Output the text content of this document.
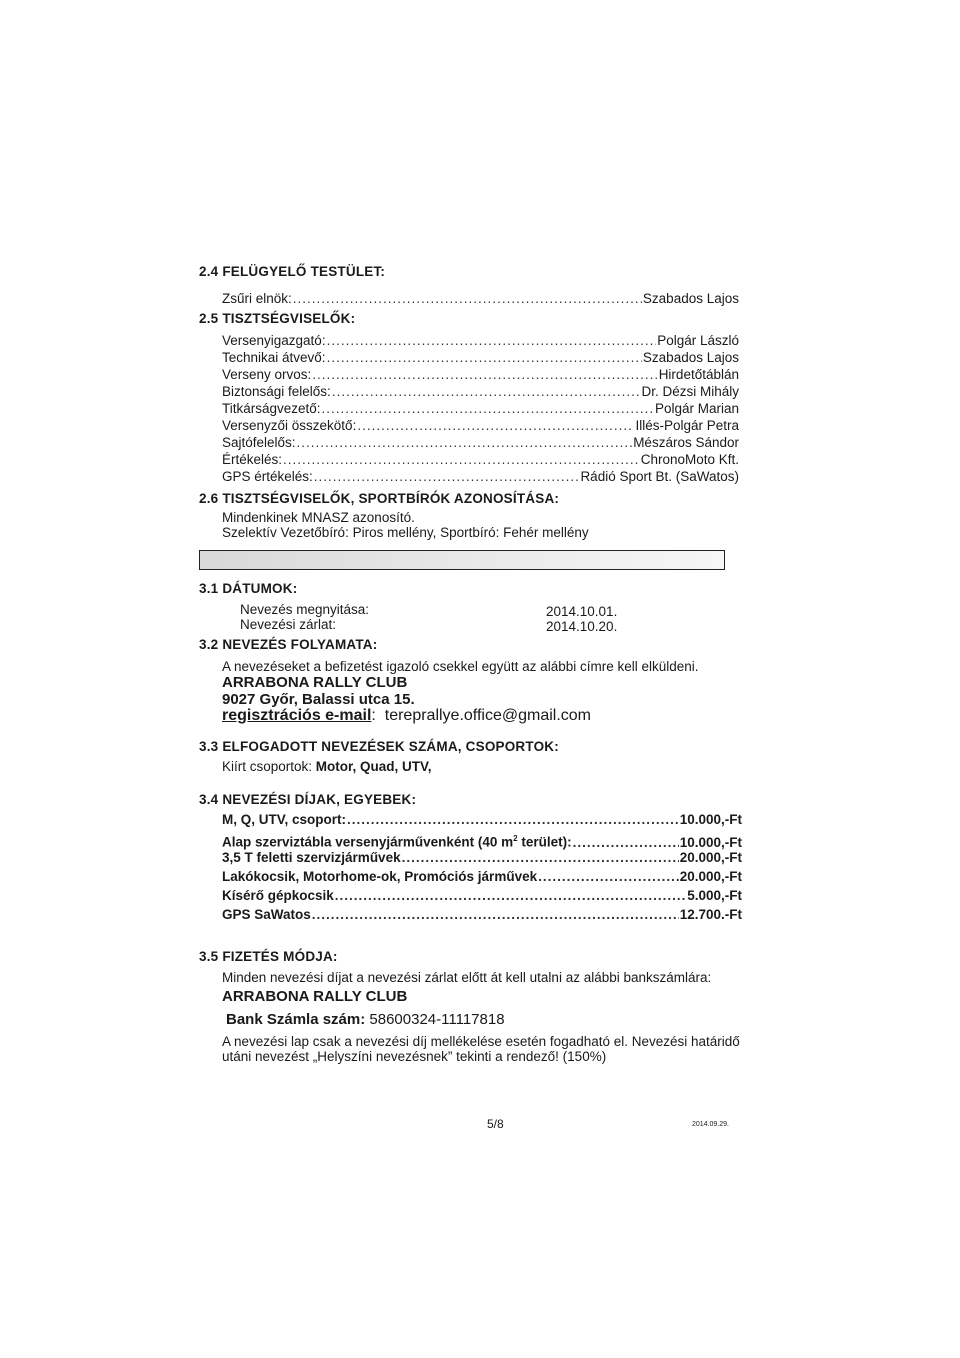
2.4 FELÜGYELŐ TESTÜLET:
Zsűri elnök: .....	Szabados Lajos
2.5 TISZTSÉGVISELŐK:
Versenyigazgató: .....	Polgár László
Technikai átvevő: .....	Szabados Lajos
Verseny orvos: .....	Hirdetőtáblán
Biztonsági felelős: .....	Dr. Dézsi Mihály
Titkárságvezető: .....	Polgár Marian
Versenyzői összekötő: .....	Illés-Polgár Petra
Sajtófelelős: .....	Mészáros Sándor
Értékelés: .....	ChronoMoto Kft.
GPS értékelés: .....	Rádió Sport Bt. (SaWatos)
2.6 TISZTSÉGVISELŐK, SPORTBÍRÓK AZONOSÍTÁSA:
Mindenkinek MNASZ azonosító.
Szelektív Vezetőbíró: Piros mellény, Sportbíró: Fehér mellény
3.1 DÁTUMOK:
Nevezés megnyitása:	2014.10.01.
Nevezési zárlat:	2014.10.20.
3.2 NEVEZÉS FOLYAMATA:
A nevezéseket a befizetést igazoló csekkel együtt az alábbi címre kell elküldeni.
ARRABONA RALLY CLUB
9027 Győr, Balassi utca 15.
regisztrációs e-mail: tereprallye.office@gmail.com
3.3 ELFOGADOTT NEVEZÉSEK SZÁMA, CSOPORTOK:
Kiírt csoportok: Motor, Quad, UTV,
3.4 NEVEZÉSI DÍJAK, EGYEBEK:
M, Q, UTV, csoport: .....	10.000,-Ft
Alap szerviztábla versenyjárművenként (40 $m^2$ terület): .....	10.000,-Ft
3,5 T feletti szervizjárművek .....	20.000,-Ft
Lakókocsik, Motorhome-ok, Promóciós járművek .....	20.000,-Ft
Kísérő gépkocsik .....	5.000,-Ft
GPS SaWatos .....	12.700.-Ft
3.5 FIZETÉS MÓDJA:
Minden nevezési díjat a nevezési zárlat előtt át kell utalni az alábbi bankszámlára:
ARRABONA RALLY CLUB
Bank Számla szám: 58600324-11117818
A nevezési lap csak a nevezési díj mellékelése esetén fogadható el. Nevezési határidő
utáni nevezést „Helyszíni nevezésnek” tekinti a rendező! (150%)
5/8	2014.09.29.
